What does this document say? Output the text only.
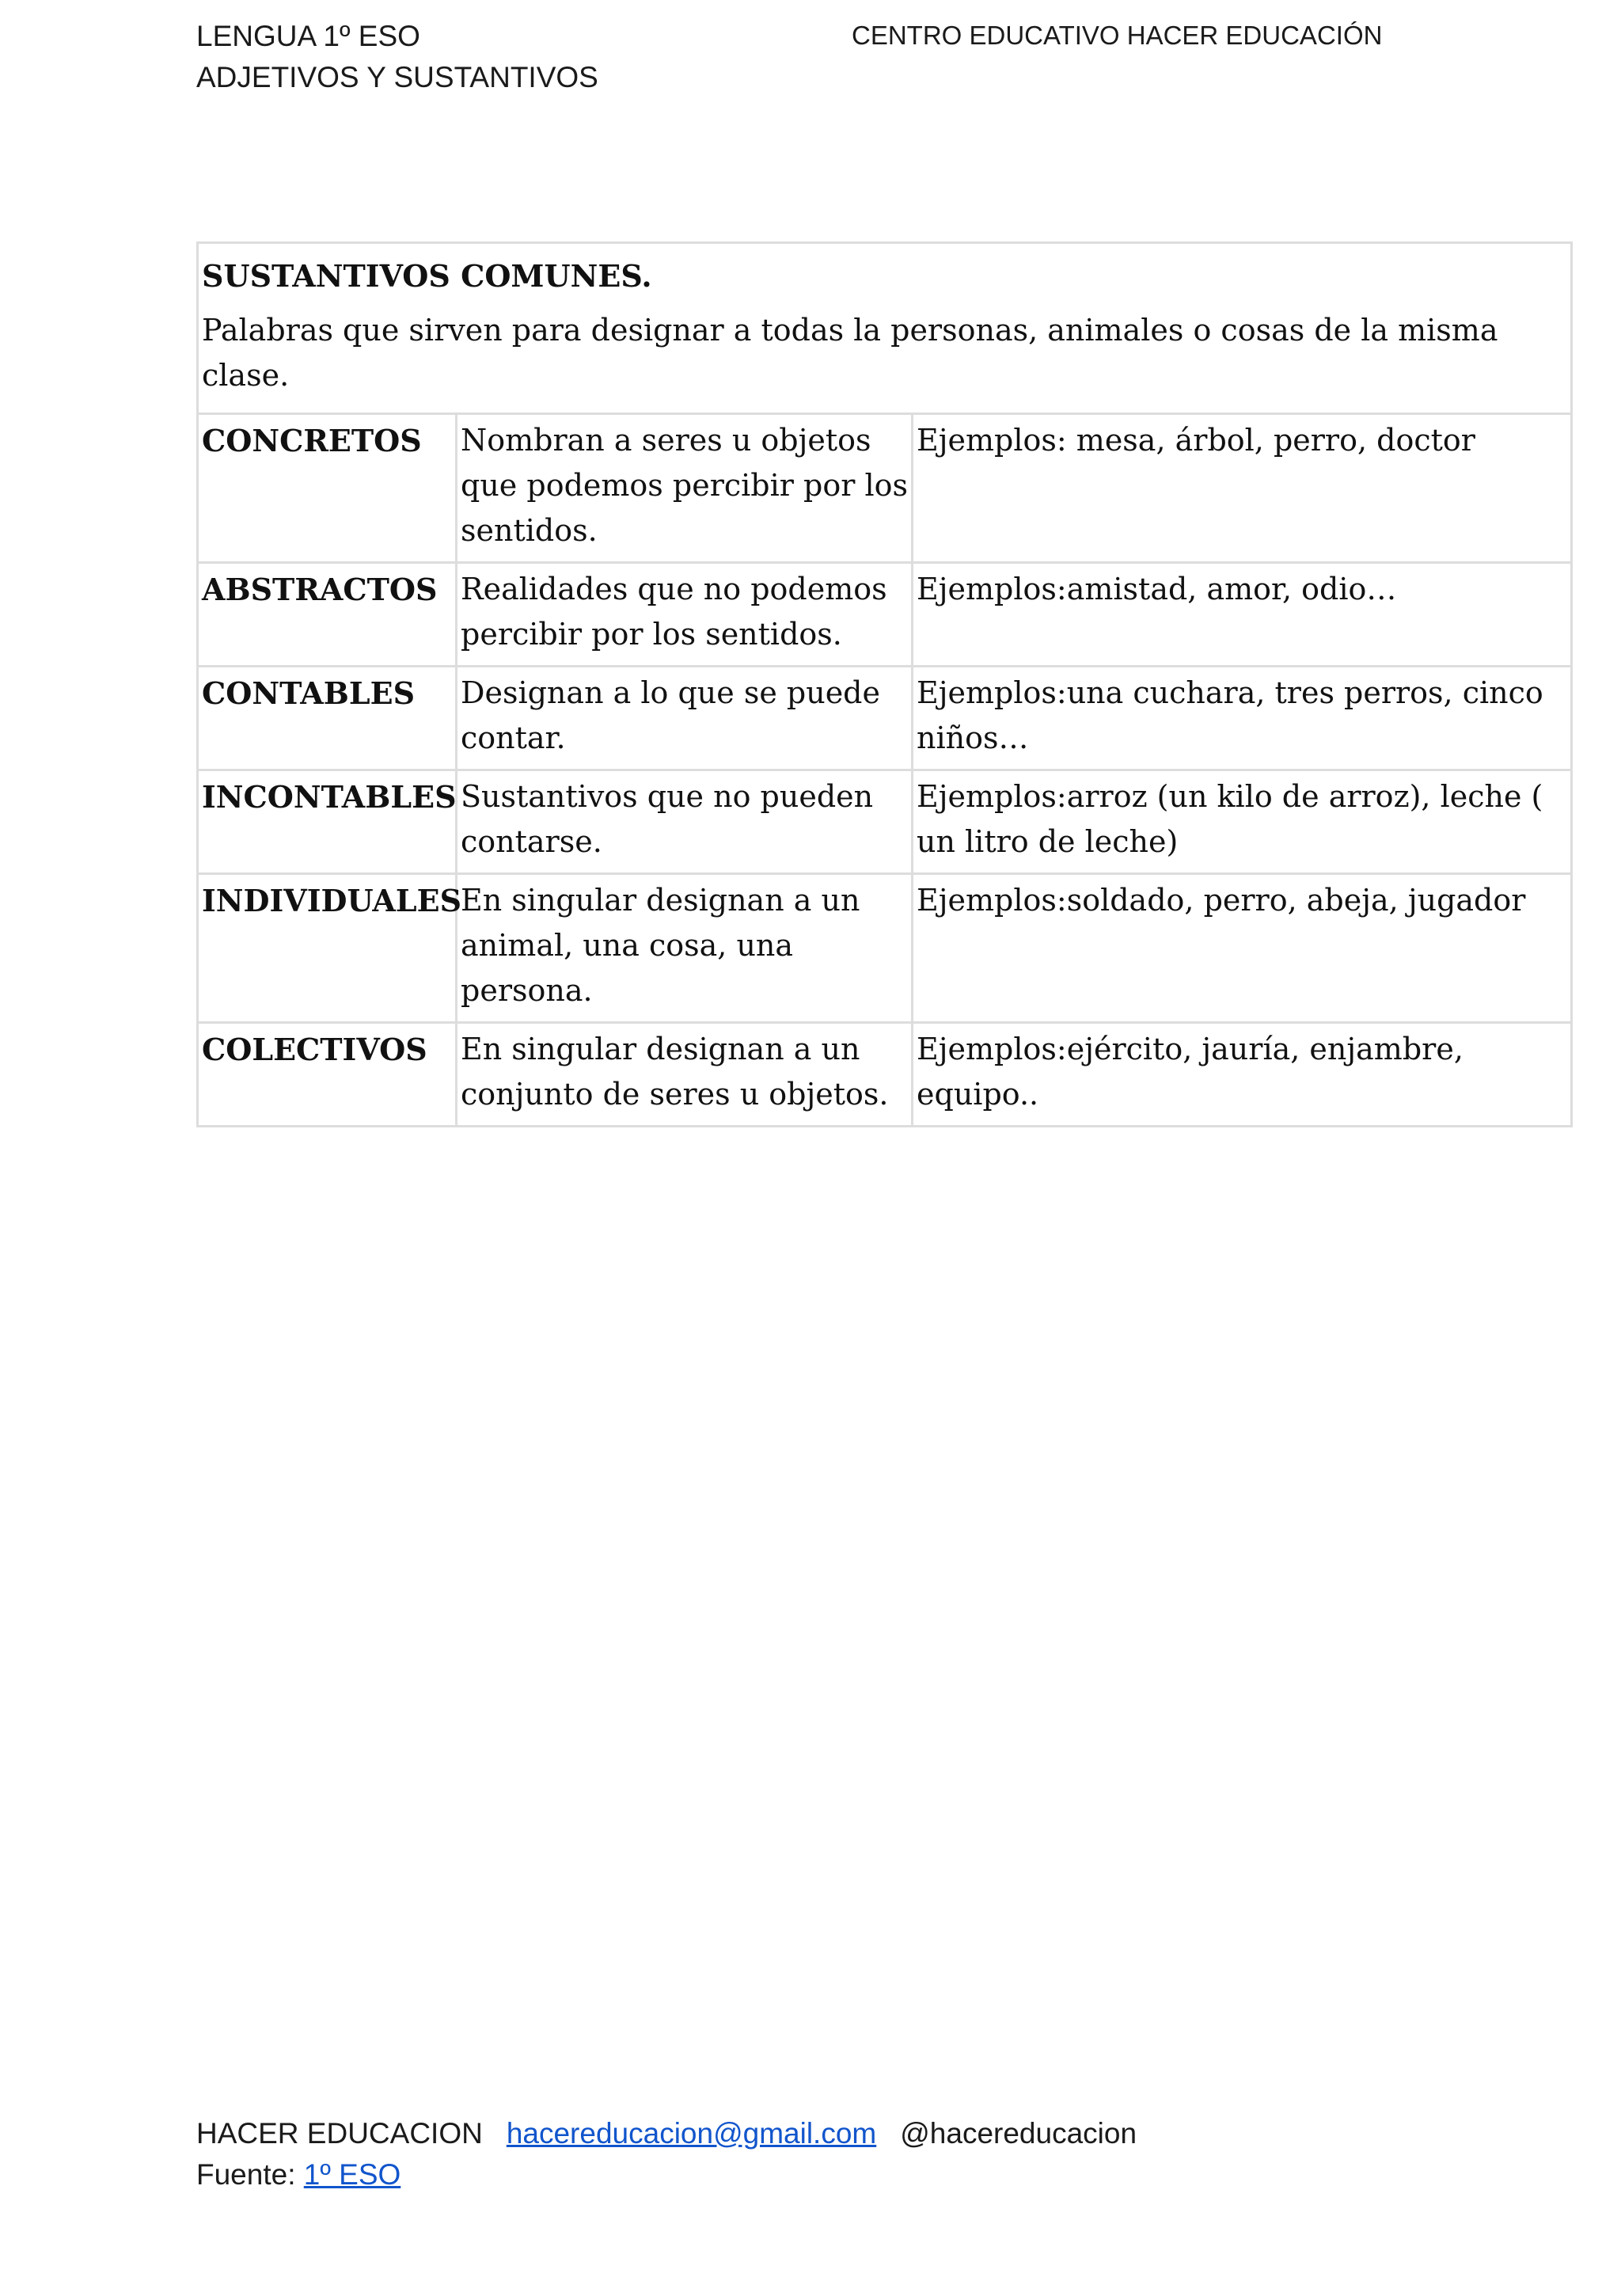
LENGUA 1º ESO
ADJETIVOS Y SUSTANTIVOS
CENTRO EDUCATIVO HACER EDUCACIÓN
SUSTANTIVOS COMUNES.
Palabras que sirven para designar a todas la personas, animales o cosas de la misma clase.		

CONCRETOS	Nombran a seres u objetos que podemos percibir por los sentidos.	Ejemplos: mesa, árbol, perro, doctor
ABSTRACTOS	Realidades que no podemos percibir por los sentidos.	Ejemplos:amistad, amor, odio…
CONTABLES	Designan a lo que se puede contar.	Ejemplos:una cuchara, tres perros, cinco niños…
INCONTABLES	Sustantivos que no pueden contarse.	Ejemplos:arroz (un kilo de arroz), leche ( un litro de leche)
INDIVIDUALES	En singular designan a un animal, una cosa, una persona.	Ejemplos:soldado, perro, abeja, jugador
COLECTIVOS	En singular designan a un conjunto de seres u objetos.	Ejemplos:ejército, jauría, enjambre, equipo..
HACER EDUCACION hacereducacion@gmail.com @hacereducacion
Fuente: 1º ESO
